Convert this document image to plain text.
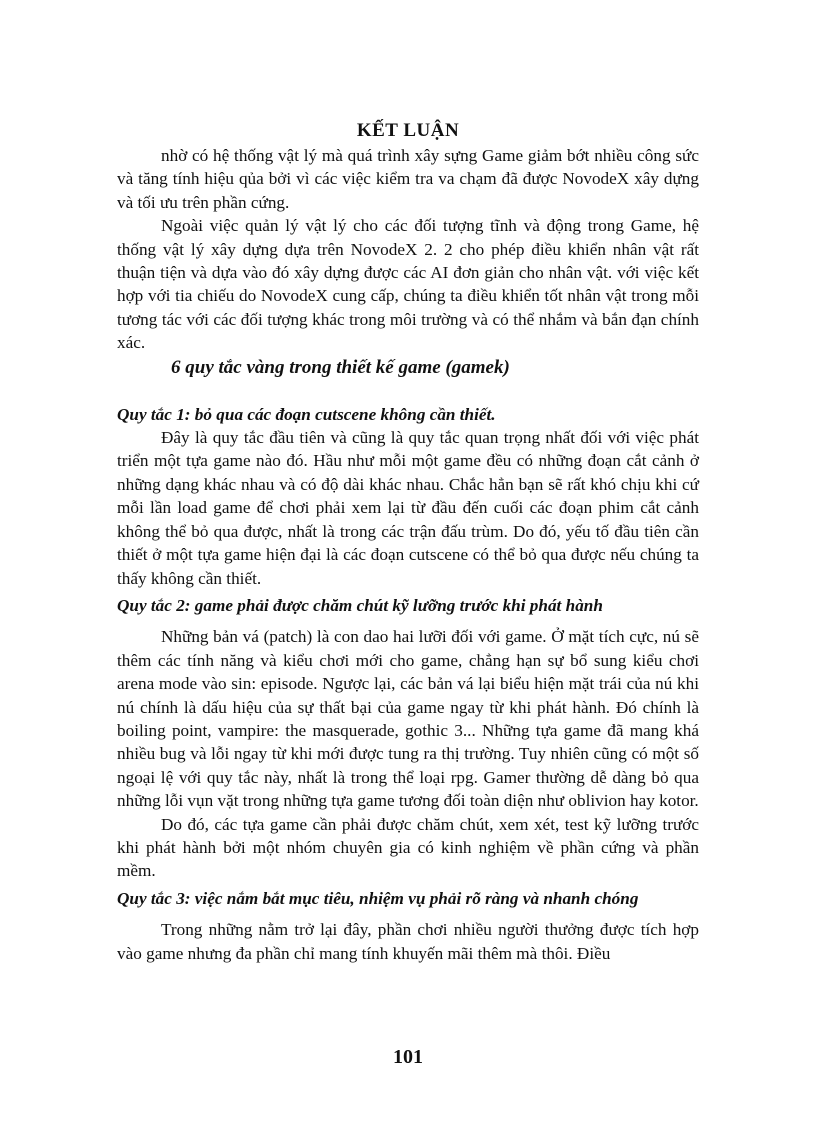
KẾT LUẬN

nhờ có hệ thống vật lý mà quá trình xây sựng Game giảm bớt nhiều công sức và tăng tính hiệu qủa bởi vì các việc kiểm tra va chạm đã được NovodeX xây dựng và tối ưu trên phần cứng.

Ngoài việc quản lý vật lý cho các đối tượng tĩnh và động trong Game, hệ thống vật lý xây dựng dựa trên NovodeX 2. 2 cho phép điều khiển nhân vật rất thuận tiện và dựa vào đó xây dựng được các AI đơn giản cho nhân vật. với việc kết hợp với tia chiếu do NovodeX cung cấp, chúng ta điều khiển tốt nhân vật trong mỗi tương tác với các đối tượng khác trong môi trường và có thể nhắm và bắn đạn chính xác.

6 quy tắc vàng trong thiết kế game (gamek)
Quy tắc 1: bỏ qua các đoạn cutscene không cần thiết.

Đây là quy tắc đầu tiên và cũng là quy tắc quan trọng nhất đối với việc phát triển một tựa game nào đó. Hầu như mỗi một game đều có những đoạn cắt cảnh ở những dạng khác nhau và có độ dài khác nhau. Chắc hẳn bạn sẽ rất khó chịu khi cứ mỗi lần load game để chơi phải xem lại từ đầu đến cuối các đoạn phim cắt cảnh không thể bỏ qua được, nhất là trong các trận đấu trùm. Do đó, yếu tố đầu tiên cần thiết ở một tựa game hiện đại là các đoạn cutscene có thể bỏ qua được nếu chúng ta thấy không cần thiết.

Quy tắc 2: game phải được chăm chút kỹ lưỡng trước khi phát hành

Những bản vá (patch) là con dao hai lưỡi đối với game. Ở mặt tích cực, nú sẽ thêm các tính năng và kiểu chơi mới cho game, chẳng hạn sự bổ sung kiểu chơi arena mode vào sin: episode. Ngược lại, các bản vá lại biểu hiện mặt trái của nú khi nú chính là dấu hiệu của sự thất bại của game ngay từ khi phát hành. Đó chính là boiling point, vampire: the masquerade, gothic 3... Những tựa game đã mang khá nhiều bug và lỗi ngay từ khi mới được tung ra thị trường. Tuy nhiên cũng có một số ngoại lệ với quy tắc này, nhất là trong thể loại rpg. Gamer thường dễ dàng bỏ qua những lỗi vụn vặt trong những tựa game tương đối toàn diện như oblivion hay kotor.

Do đó, các tựa game cần phải được chăm chút, xem xét, test kỹ lưỡng trước khi phát hành bởi một nhóm chuyên gia có kinh nghiệm về phần cứng và phần mềm.

Quy tắc 3: việc nắm bắt mục tiêu, nhiệm vụ phải rõ ràng và nhanh chóng

Trong những nằm trở lại đây, phần chơi nhiều người thưởng được tích hợp vào game nhưng đa phần chỉ mang tính khuyến mãi thêm mà thôi. Điều

101
